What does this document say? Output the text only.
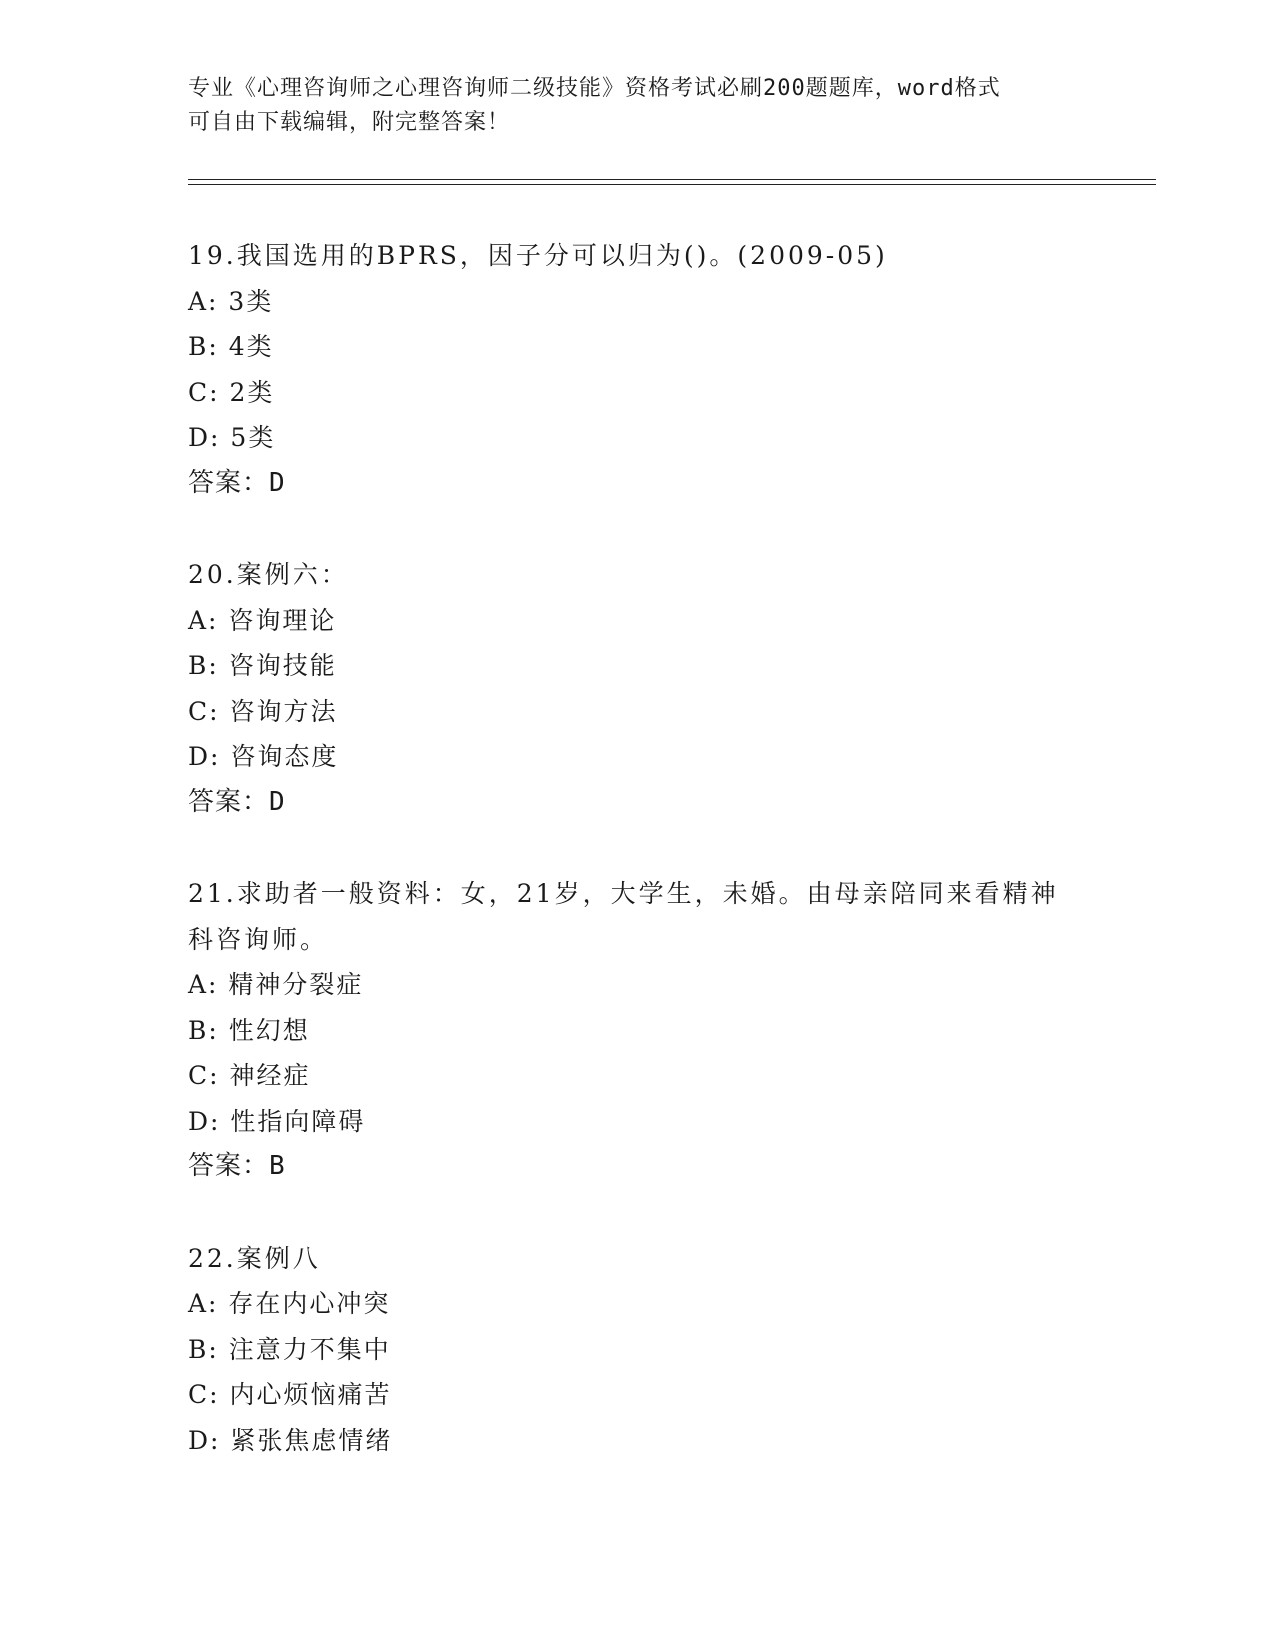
专业《心理咨询师之心理咨询师二级技能》资格考试必刷200题题库，word格式
可自由下载编辑，附完整答案！
19.我国选用的BPRS，因子分可以归为()。(2009-05)
A: 3类
B: 4类
C: 2类
D: 5类
答案：D
20.案例六：
A: 咨询理论
B: 咨询技能
C: 咨询方法
D: 咨询态度
答案：D
21.求助者一般资料：女，21岁，大学生，未婚。由母亲陪同来看精神
科咨询师。
A: 精神分裂症
B: 性幻想
C: 神经症
D: 性指向障碍
答案：B
22.案例八
A: 存在内心冲突
B: 注意力不集中
C: 内心烦恼痛苦
D: 紧张焦虑情绪
